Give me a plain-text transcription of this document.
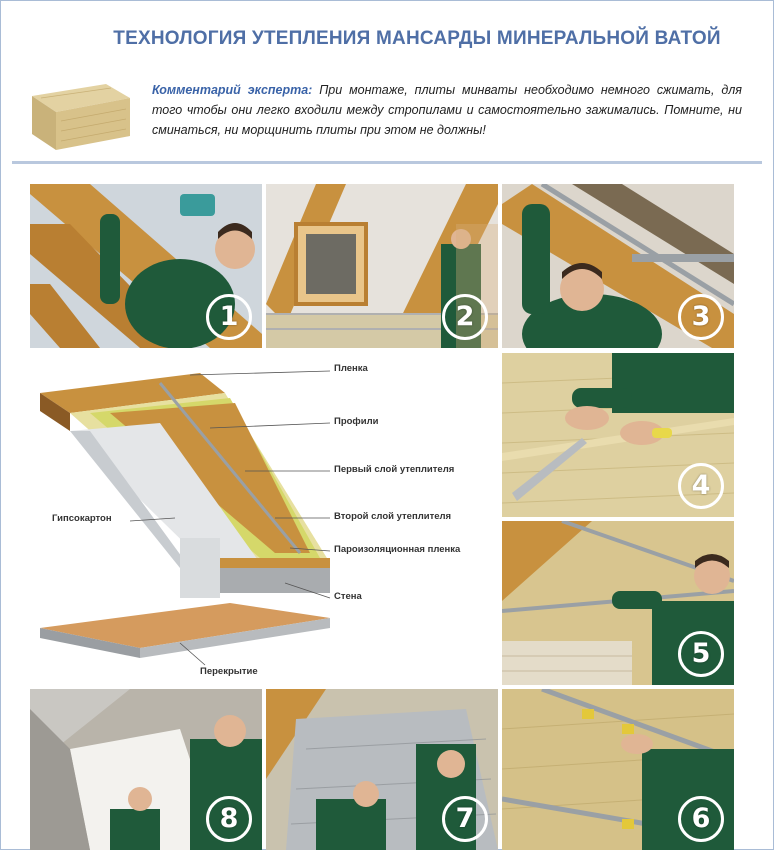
ТЕХНОЛОГИЯ УТЕПЛЕНИЯ МАНСАРДЫ МИНЕРАЛЬНОЙ ВАТОЙ
Комментарий эксперта: При монтаже, плиты минваты необходимо немного сжимать, для того чтобы они легко входили между стропилами и самостоятельно зажимались. Помните, ни сминаться, ни морщинить плиты при этом не должны!
1	2	3
Пленка
Профили
Первый слой утеплителя
Гипсокартон	Второй слой утеплителя
Пароизоляционная пленка
Стена
Перекрытие
4
5
8	7	6
